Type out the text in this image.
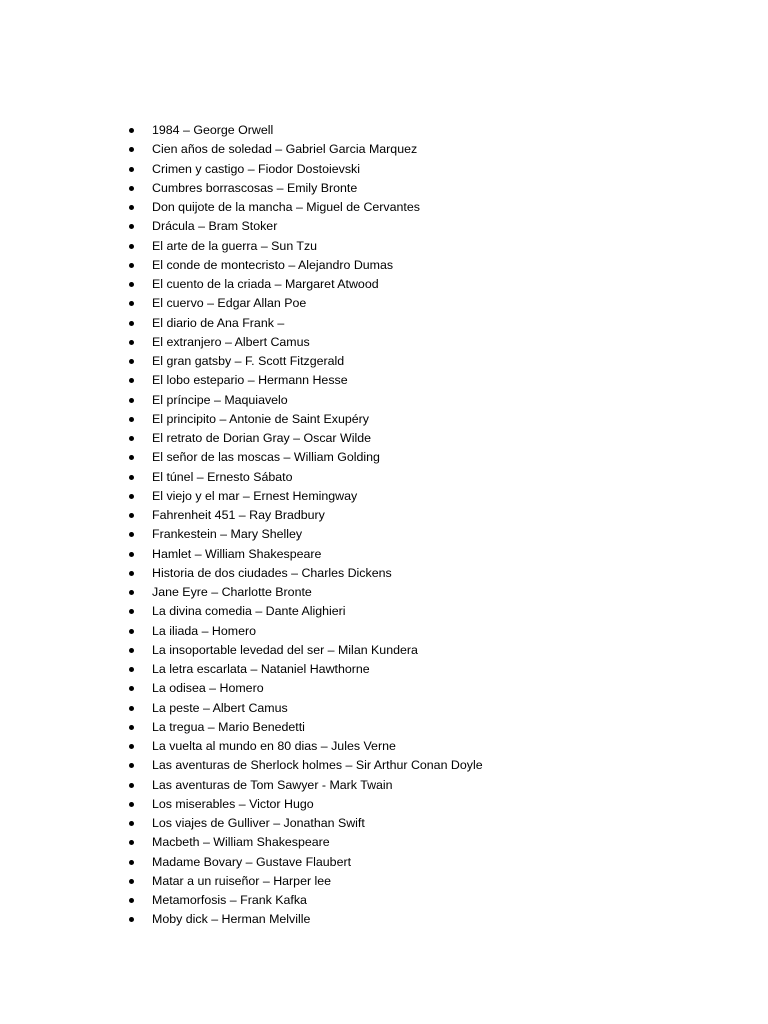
1984 – George Orwell
Cien años de soledad – Gabriel Garcia Marquez
Crimen y castigo – Fiodor Dostoievski
Cumbres borrascosas – Emily Bronte
Don quijote de la mancha – Miguel de Cervantes
Drácula – Bram Stoker
El arte de la guerra – Sun Tzu
El conde de montecristo – Alejandro Dumas
El cuento de la criada – Margaret Atwood
El cuervo – Edgar Allan Poe
El diario de Ana Frank –
El extranjero – Albert Camus
El gran gatsby – F. Scott Fitzgerald
El lobo estepario – Hermann Hesse
El príncipe – Maquiavelo
El principito – Antonie de Saint Exupéry
El retrato de Dorian Gray – Oscar Wilde
El señor de las moscas – William Golding
El túnel – Ernesto Sábato
El viejo y el mar – Ernest Hemingway
Fahrenheit 451 – Ray Bradbury
Frankestein – Mary Shelley
Hamlet – William Shakespeare
Historia de dos ciudades – Charles Dickens
Jane Eyre – Charlotte Bronte
La divina comedia – Dante Alighieri
La iliada – Homero
La insoportable levedad del ser – Milan Kundera
La letra escarlata – Nataniel Hawthorne
La odisea – Homero
La peste – Albert Camus
La tregua – Mario Benedetti
La vuelta al mundo en 80 dias – Jules Verne
Las aventuras de Sherlock holmes – Sir Arthur Conan Doyle
Las aventuras de Tom Sawyer - Mark Twain
Los miserables – Victor Hugo
Los viajes de Gulliver – Jonathan Swift
Macbeth – William Shakespeare
Madame Bovary – Gustave Flaubert
Matar a un ruiseñor – Harper lee
Metamorfosis – Frank Kafka
Moby dick – Herman Melville
